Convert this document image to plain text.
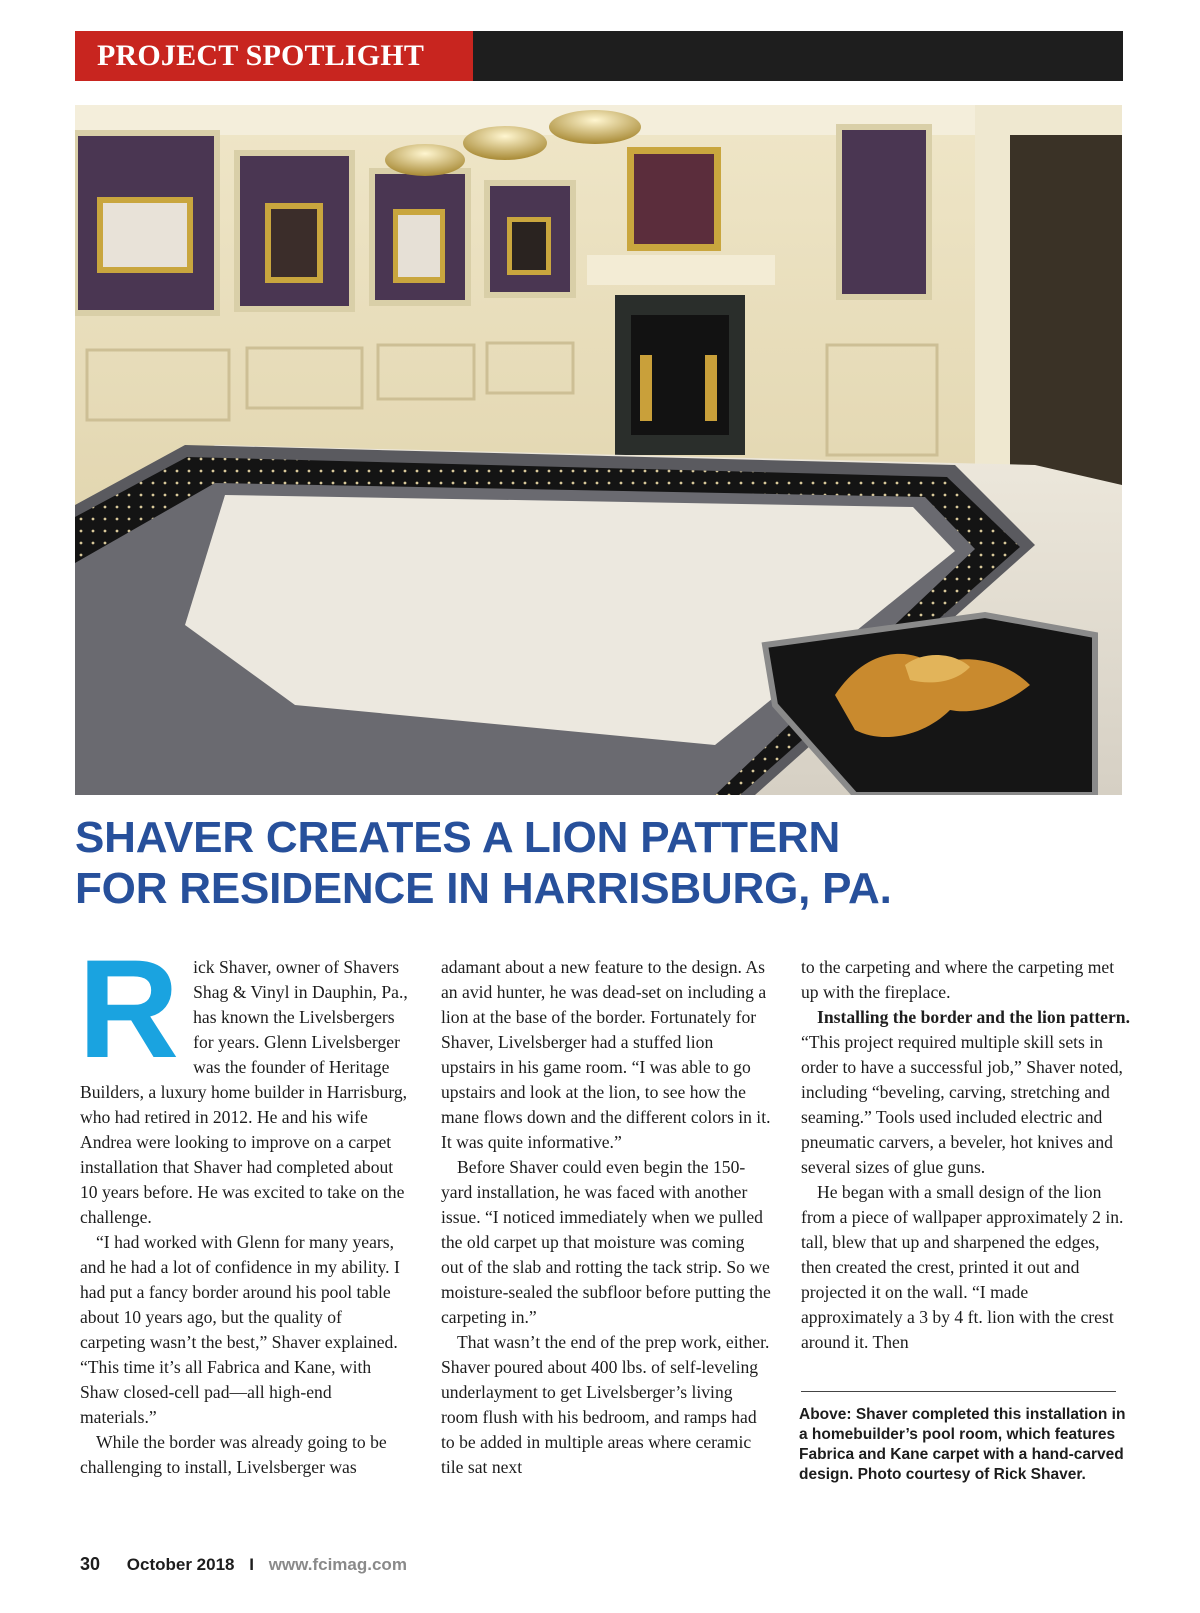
PROJECT SPOTLIGHT
SHAVER CREATES A LION PATTERN
FOR RESIDENCE IN HARRISBURG, PA.

R ick Shaver, owner of Shavers Shag & Vinyl in Dauphin, Pa., has known the Livelsbergers for years. Glenn Livelsberger was the founder of Heritage Builders, a luxury home builder in Harrisburg, who had retired in 2012. He and his wife Andrea were looking to improve on a carpet installation that Shaver had completed about 10 years before. He was excited to take on the challenge.

“I had worked with Glenn for many years, and he had a lot of confidence in my ability. I had put a fancy border around his pool table about 10 years ago, but the quality of carpeting wasn’t the best,” Shaver explained. “This time it’s all Fabrica and Kane, with Shaw closed-cell pad—all high-end materials.”

While the border was already going to be challenging to install, Livelsberger was

adamant about a new feature to the design. As an avid hunter, he was dead-set on including a lion at the base of the border. Fortunately for Shaver, Livelsberger had a stuffed lion upstairs in his game room. “I was able to go upstairs and look at the lion, to see how the mane flows down and the different colors in it. It was quite informative.”

Before Shaver could even begin the 150-yard installation, he was faced with another issue. “I noticed immediately when we pulled the old carpet up that moisture was coming out of the slab and rotting the tack strip. So we moisture-sealed the subfloor before putting the carpeting in.”

That wasn’t the end of the prep work, either. Shaver poured about 400 lbs. of self-leveling underlayment to get Livelsberger’s living room flush with his bedroom, and ramps had to be added in multiple areas where ceramic tile sat next

to the carpeting and where the carpeting met up with the fireplace.

Installing the border and the lion pattern. “This project required multiple skill sets in order to have a successful job,” Shaver noted, including “beveling, carving, stretching and seaming.” Tools used included electric and pneumatic carvers, a beveler, hot knives and several sizes of glue guns.

He began with a small design of the lion from a piece of wallpaper approximately 2 in. tall, blew that up and sharpened the edges, then created the crest, printed it out and projected it on the wall. “I made approximately a 3 by 4 ft. lion with the crest around it. Then

Above: Shaver completed this installation in a homebuilder’s pool room, which features Fabrica and Kane carpet with a hand-carved design. Photo courtesy of Rick Shaver.
30 October 2018 I www.fcimag.com
